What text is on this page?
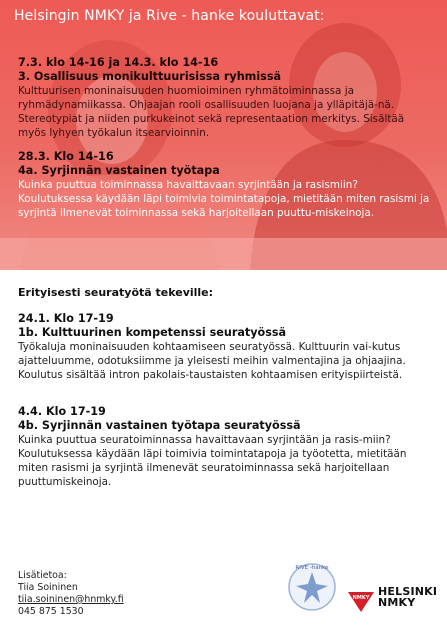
Helsingin NMKY ja Rive - hanke kouluttavat:
7.3. klo 14-16 ja 14.3. klo 14-16
3. Osallisuus monikulttuurisissa ryhmissä
Kulttuurisen moninaisuuden huomioiminen ryhmätoiminnassa ja ryhmädynamiikassa. Ohjaajan rooli osallisuuden luojana ja ylläpitäjä-nä. Stereotypiat ja niiden purkukeinot sekä representaation merkitys. Sisältää myös lyhyen työkalun itsearvioinnin.
28.3. Klo 14-16
4a. Syrjinnän vastainen työtapa
Kuinka puuttua toiminnassa havaittavaan syrjintään ja rasismiin? Koulutuksessa käydään läpi toimivia toimintatapoja, mietitään miten rasismi ja syrjintä ilmenevät toiminnassa sekä harjoitellaan puuttu-miskeinoja.
Erityisesti seuratyötä tekeville:
24.1. Klo 17-19
1b. Kulttuurinen kompetenssi seuratyössä
Työkaluja moninaisuuden kohtaamiseen seuratyössä. Kulttuurin vai-kutus ajatteluumme, odotuksiimme ja yleisesti meihin valmentajina ja ohjaajina. Koulutus sisältää intron pakolais-taustaisten kohtaamisen erityispiirteistä.
4.4. Klo 17-19
4b. Syrjinnän vastainen työtapa seuratyössä
Kuinka puuttua seuratoiminnassa havaittavaan syrjintään ja rasis-miin? Koulutuksessa käydään läpi toimivia toimintatapoja ja työotetta, mietitään miten rasismi ja syrjintä ilmenevät seuratoiminnassa sekä harjoitellaan puuttumiskeinoja.
Lisätietoa:
Tiia Soininen
tiia.soininen@hnmky.fi
045 875 1530
RIVE -hanke
NMKY HELSINKI
NMKY
